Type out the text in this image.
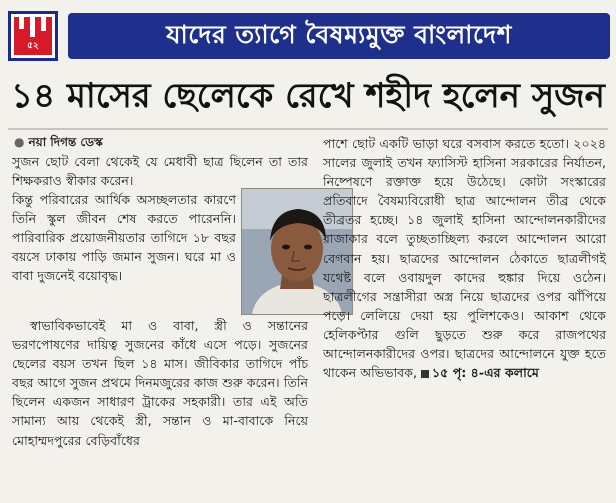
৫২	যাদের ত্যাগে বৈষম্যমুক্ত বাংলাদেশ
১৪ মাসের ছেলেকে রেখে শহীদ হলেন সুজন
● নয়া দিগন্ত ডেস্ক

সুজন ছোট বেলা থেকেই যে মেধাবী ছাত্র ছিলেন তা তার শিক্ষকরাও স্বীকার করেন।

কিন্তু পরিবারের আর্থিক অসচ্ছলতার কারণে তিনি স্কুল জীবন শেষ করতে পারেননি। পারিবারিক প্রয়োজনীয়তার তাগিদে ১৮ বছর বয়সে ঢাকায় পাড়ি জমান সুজন। ঘরে মা ও বাবা দুজনেই বয়োবৃদ্ধ।

স্বাভাবিকভাবেই মা ও বাবা, স্ত্রী ও সন্তানের ভরণপোষণের দায়িত্ব সুজনের কাঁধে এসে পড়ে। সুজনের ছেলের বয়স তখন ছিল ১৪ মাস। জীবিকার তাগিদে পাঁচ বছর আগে সুজন প্রথমে দিনমজুরের কাজ শুরু করেন। তিনি ছিলেন একজন সাধারণ ট্রাকের সহকারী। তার এই অতি সামান্য আয় থেকেই স্ত্রী, সন্তান ও মা-বাবাকে নিয়ে মোহাম্মদপুরের বেড়িবাঁধের

পাশে ছোট একটি ভাড়া ঘরে বসবাস করতে হতো। ২০২৪ সালের জুলাই তখন ফ্যাসিস্ট হাসিনা সরকারের নির্যাতন, নিষ্পেষণে রক্তাক্ত হয়ে উঠেছে। কোটা সংস্কারের প্রতিবাদে বৈষম্যবিরোধী ছাত্র আন্দোলন তীব্র থেকে তীব্রতর হচ্ছে। ১৪ জুলাই হাসিনা আন্দোলনকারীদের রাজাকার বলে তুচ্ছতাচ্ছিল্য করলে আন্দোলন আরো বেগবান হয়। ছাত্রদের আন্দোলন ঠেকাতে ছাত্রলীগই যথেষ্ট বলে ওবায়দুল কাদের হুঙ্কার দিয়ে ওঠেন। ছাত্রলীগের সন্ত্রাসীরা অস্ত্র নিয়ে ছাত্রদের ওপর ঝাঁপিয়ে পড়ে। লেলিয়ে দেয়া হয় পুলিশকেও। আকাশ থেকে হেলিকপ্টার গুলি ছুড়তে শুরু করে রাজপথের আন্দোলনকারীদের ওপর। ছাত্রদের আন্দোলনে যুক্ত হতে থাকেন অভিভাবক, ১৫ পৃ: ৪-এর কলামে
